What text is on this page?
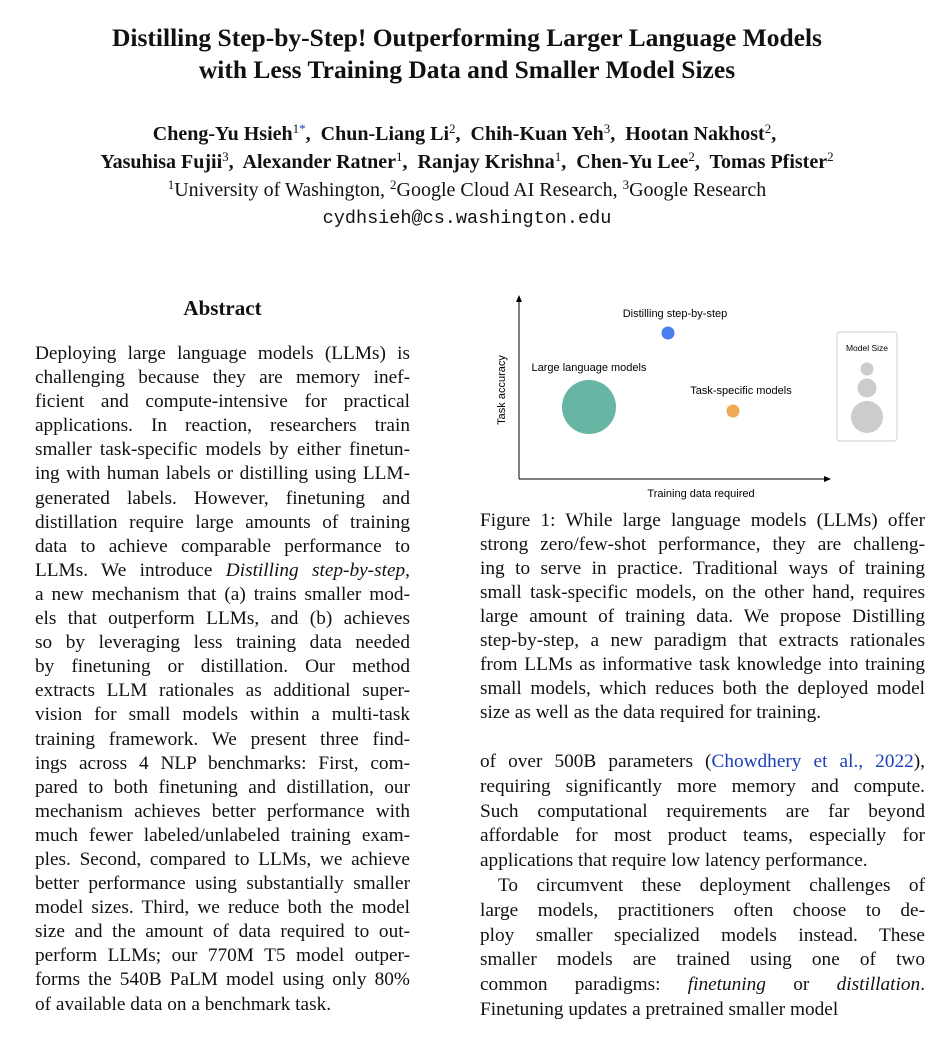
Distilling Step-by-Step! Outperforming Larger Language Models
with Less Training Data and Smaller Model Sizes
Cheng-Yu Hsieh$^{1*}$,  Chun-Liang Li$^2$,  Chih-Kuan Yeh$^3$,  Hootan Nakhost$^2$,
Yasuhisa Fujii$^3$,  Alexander Ratner$^1$,  Ranjay Krishna$^1$,  Chen-Yu Lee$^2$,  Tomas Pfister$^2$
$^1$University of Washington, $^2$Google Cloud AI Research, $^3$Google Research
cydhsieh@cs.washington.edu
Abstract
Deploying large language models (LLMs) is
challenging because they are memory inef-
ficient and compute-intensive for practical
applications. In reaction, researchers train
smaller task-specific models by either finetun-
ing with human labels or distilling using LLM-
generated labels. However, finetuning and
distillation require large amounts of training
data to achieve comparable performance to
LLMs. We introduce Distilling step-by-step,
a new mechanism that (a) trains smaller mod-
els that outperform LLMs, and (b) achieves
so by leveraging less training data needed
by finetuning or distillation. Our method
extracts LLM rationales as additional super-
vision for small models within a multi-task
training framework. We present three find-
ings across 4 NLP benchmarks: First, com-
pared to both finetuning and distillation, our
mechanism achieves better performance with
much fewer labeled/unlabeled training exam-
ples. Second, compared to LLMs, we achieve
better performance using substantially smaller
model sizes. Third, we reduce both the model
size and the amount of data required to out-
perform LLMs; our 770M T5 model outper-
forms the 540B PaLM model using only 80%
of available data on a benchmark task.
Task accuracy
Training data required
Distilling step-by-step
Large language models
Task-specific models
Model Size
Figure 1: While large language models (LLMs) offer
strong zero/few-shot performance, they are challeng-
ing to serve in practice. Traditional ways of training
small task-specific models, on the other hand, requires
large amount of training data. We propose Distilling
step-by-step, a new paradigm that extracts rationales
from LLMs as informative task knowledge into training
small models, which reduces both the deployed model
size as well as the data required for training.
of over 500B parameters (Chowdhery et al., 2022),
requiring significantly more memory and compute.
Such computational requirements are far beyond
affordable for most product teams, especially for
applications that require low latency performance.
To circumvent these deployment challenges of
large models, practitioners often choose to de-
ploy smaller specialized models instead. These
smaller models are trained using one of two
common paradigms: finetuning or distillation.
Finetuning updates a pretrained smaller model
